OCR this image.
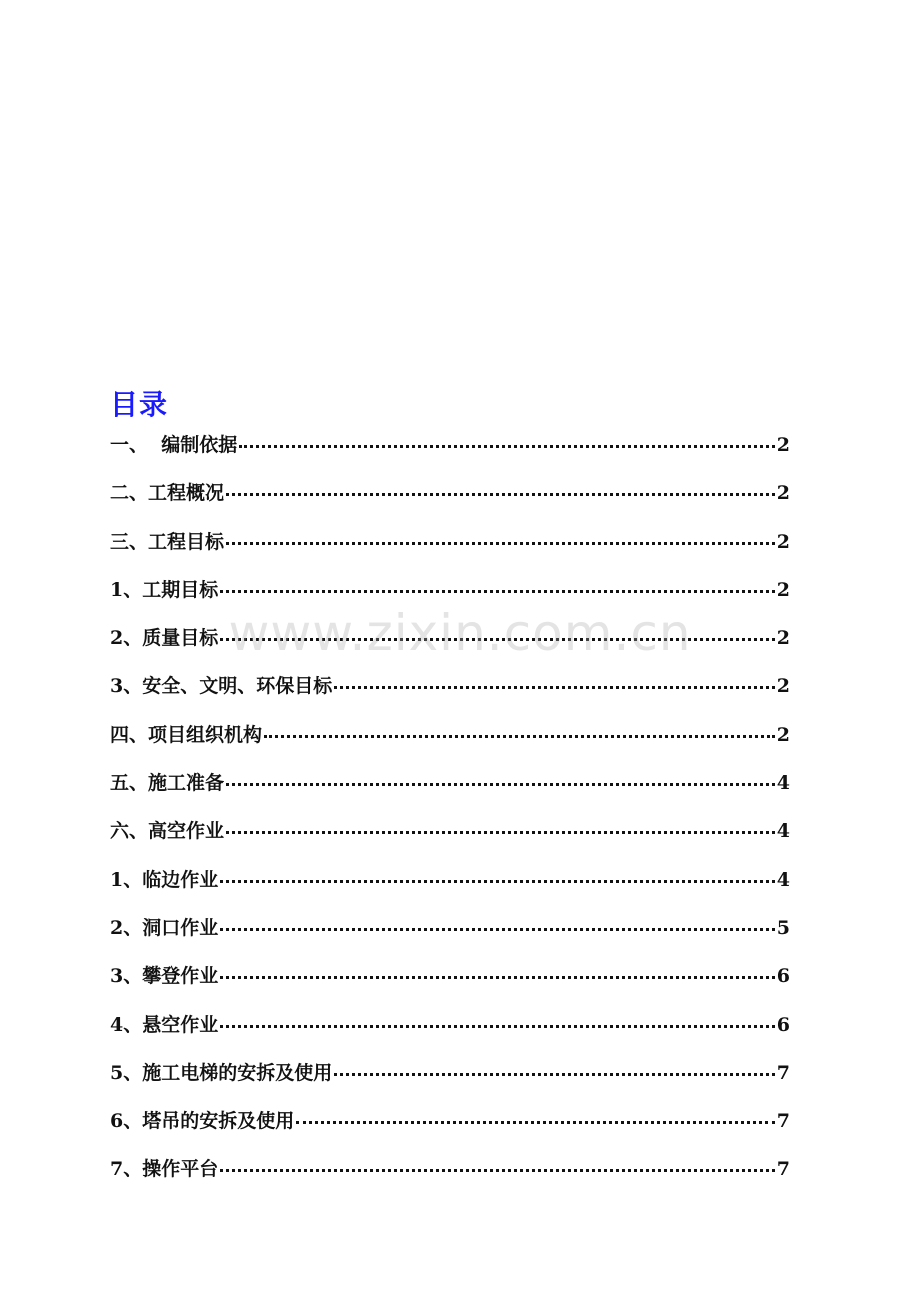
目录
一、  编制依据	2
二、工程概况	2
三、工程目标	2
1、工期目标	2
2、质量目标	2
3、安全、文明、环保目标	2
四、项目组织机构	2
五、施工准备	4
六、高空作业	4
1、临边作业	4
2、洞口作业	5
3、攀登作业	6
4、悬空作业	6
5、施工电梯的安拆及使用	7
6、塔吊的安拆及使用	7
7、操作平台	7
www.zixin.com.cn
